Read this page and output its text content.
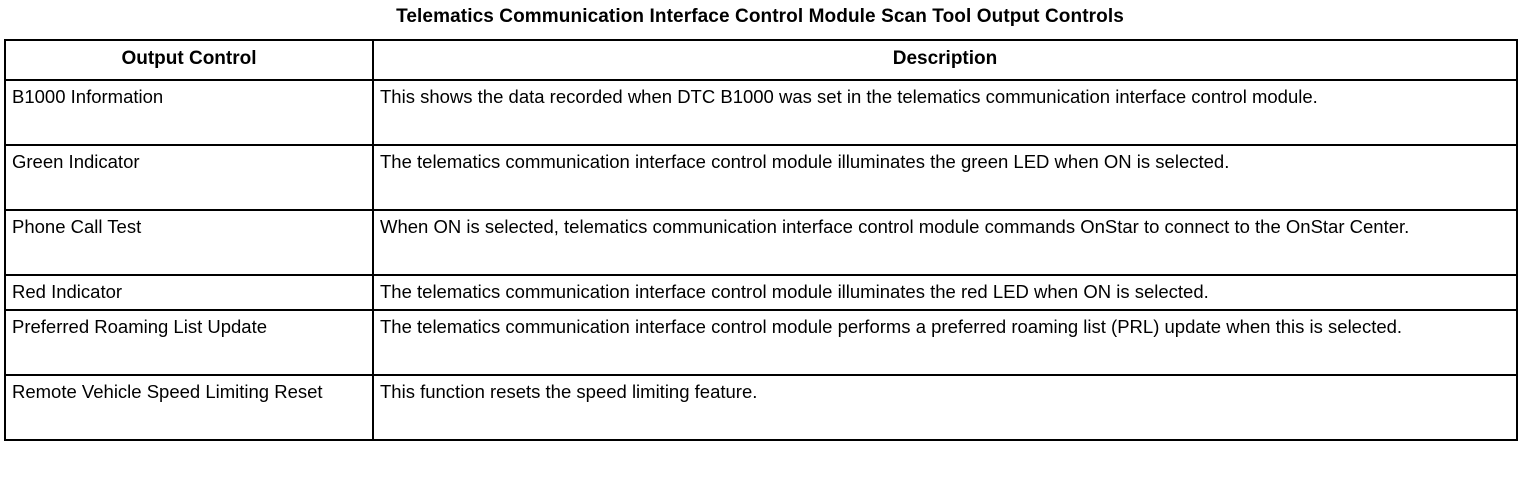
Telematics Communication Interface Control Module Scan Tool Output Controls
Output Control	Description
B1000 Information	This shows the data recorded when DTC B1000 was set in the telematics communication interface control module.
Green Indicator	The telematics communication interface control module illuminates the green LED when ON is selected.
Phone Call Test	When ON is selected, telematics communication interface control module commands OnStar to connect to the OnStar Center.
Red Indicator	The telematics communication interface control module illuminates the red LED when ON is selected.
Preferred Roaming List Update	The telematics communication interface control module performs a preferred roaming list (PRL) update when this is selected.
Remote Vehicle Speed Limiting Reset	This function resets the speed limiting feature.
